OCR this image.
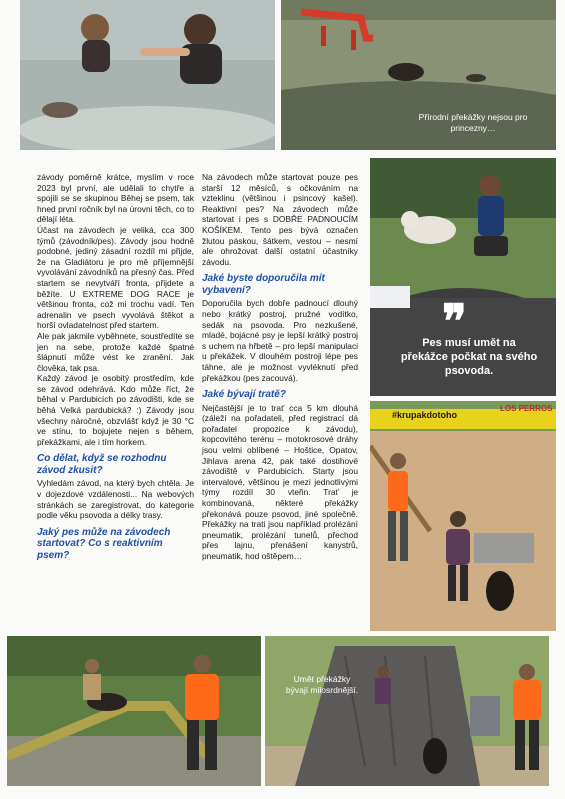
Přírodní překážky nejsou pro princezny…

závody poměrně krátce, myslím v roce 2023 byl první, ale udělali to chytře a spojili se se skupinou Běhej se psem, tak hned první ročník byl na úrovni těch, co to dělají léta.

Účast na závodech je veliká, cca 300 týmů (závodník/pes). Závody jsou hodně podobné, jediný zásadní rozdíl mi přijde, že na Gladiátoru je pro mě příjemnější vyvolávání závodníků na přesný čas. Před startem se nevytváří fronta, přijdete a běžíte. U EXTREME DOG RACE je většinou fronta, což mi trochu vadí. Ten adrenalin ve psech vyvolává štěkot a horší ovladatelnost před startem.

Ale pak jakmile vyběhnete, soustředíte se jen na sebe, protože každé špatné šlápnutí může vést ke zranění. Jak člověka, tak psa.

Každý závod je osobitý prostředím, kde se závod odehrává. Kdo může říct, že běhal v Pardubicích po závodišti, kde se běhá Velká pardubická? :) Závody jsou všechny náročné, obzvlášť když je 30 °C ve stínu, to bojujete nejen s během, překážkami, ale i tím horkem.

Co dělat, když se rozhodnu závod zkusit?

Vyhledám závod, na který bych chtěla. Je v dojezdové vzdálenosti... Na webových stránkách se zaregistrovat, do kategorie podle věku psovoda a délky trasy.

Jaký pes může na závodech startovat? Co s reaktivním psem?

Na závodech může startovat pouze pes starší 12 měsíců, s očkováním na vzteklinu (většinou i psincový kašel). Reaktivní pes? Na závodech může startovat i pes s DOBŘE PADNOUCÍM KOŠÍKEM. Tento pes bývá označen žlutou páskou, šátkem, vestou – nesmí ale ohrožovat další ostatní účastníky závodu.

Jaké byste doporučila mít vybavení?

Doporučila bych dobře padnoucí dlouhý nebo krátký postroj, pružné vodítko, sedák na psovoda. Pro nezkušené, mladé, bojácné psy je lepší krátký postroj s uchem na hřbetě – pro lepší manipulaci u překážek. V dlouhém postroji lépe pes táhne, ale je možnost vyvléknutí před překážkou (pes zacouvá).

Jaké bývají tratě?

Nejčastější je to trať cca 5 km dlouhá (záleží na pořadateli, před registrací dá pořadatel propozice k závodu), kopcovitého terénu – motokrosové dráhy jsou velmi oblíbené – Hoštice, Opatov, Jihlava arena 42, pak také dostihové závodiště v Pardubicích. Starty jsou intervalové, většinou je mezi jednotlivými týmy rozdíl 30 vteřin. Trať je kombinovaná, některé překážky překonává pouze psovod, jiné společně. Překážky na trati jsou například prolézání pneumatik, prolézání tunelů, přechod přes lajnu, přenášení kanystrů, pneumatik, hod oštěpem…

❞
Pes musí umět na překážce počkat na svého psovoda.
#krupakdotoho
LOS PERROS
Umět překážky bývají milosrdnější.
